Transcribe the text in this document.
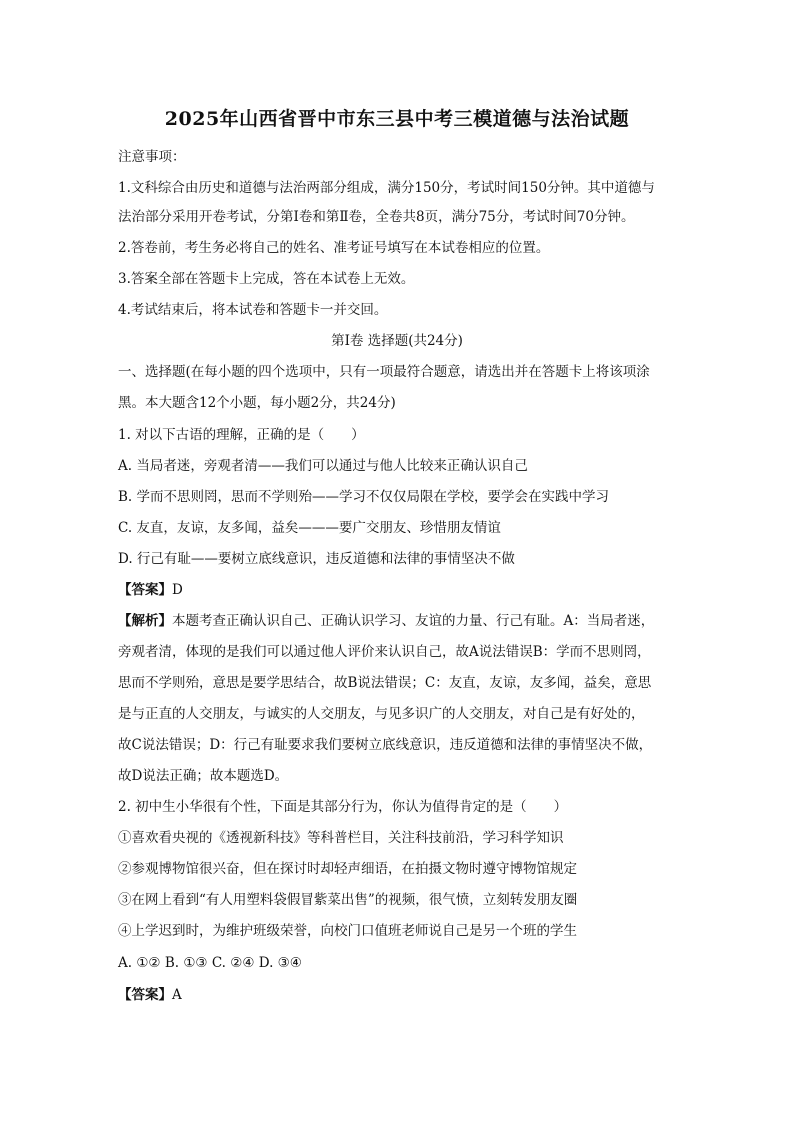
2025年山西省晋中市东三县中考三模道德与法治试题
注意事项：
1.文科综合由历史和道德与法治两部分组成，满分150分，考试时间150分钟。其中道德与
法治部分采用开卷考试，分第Ⅰ卷和第Ⅱ卷，全卷共8页，满分75分，考试时间70分钟。
2.答卷前，考生务必将自己的姓名、准考证号填写在本试卷相应的位置。
3.答案全部在答题卡上完成，答在本试卷上无效。
4.考试结束后，将本试卷和答题卡一并交回。
第Ⅰ卷 选择题(共24分)
一、选择题(在每小题的四个选项中，只有一项最符合题意，请选出并在答题卡上将该项涂
黑。本大题含12个小题，每小题2分，共24分)
1. 对以下古语的理解，正确的是（　　）
A. 当局者迷，旁观者清——我们可以通过与他人比较来正确认识自己
B. 学而不思则罔，思而不学则殆——学习不仅仅局限在学校，要学会在实践中学习
C. 友直，友谅，友多闻，益矣———要广交朋友、珍惜朋友情谊
D. 行己有耻——要树立底线意识，违反道德和法律的事情坚决不做
【答案】D
【解析】本题考查正确认识自己、正确认识学习、友谊的力量、行己有耻。A：当局者迷，
旁观者清，体现的是我们可以通过他人评价来认识自己，故A说法错误B：学而不思则罔，
思而不学则殆，意思是要学思结合，故B说法错误；C：友直，友谅，友多闻，益矣，意思
是与正直的人交朋友，与诚实的人交朋友，与见多识广的人交朋友，对自己是有好处的，
故C说法错误；D：行己有耻要求我们要树立底线意识，违反道德和法律的事情坚决不做，
故D说法正确；故本题选D。
2. 初中生小华很有个性，下面是其部分行为，你认为值得肯定的是（　　）
①喜欢看央视的《透视新科技》等科普栏目，关注科技前沿，学习科学知识
②参观博物馆很兴奋，但在探讨时却轻声细语，在拍摄文物时遵守博物馆规定
③在网上看到“有人用塑料袋假冒紫菜出售”的视频，很气愤，立刻转发朋友圈
④上学迟到时，为维护班级荣誉，向校门口值班老师说自己是另一个班的学生
A. ①② B. ①③ C. ②④ D. ③④
【答案】A
